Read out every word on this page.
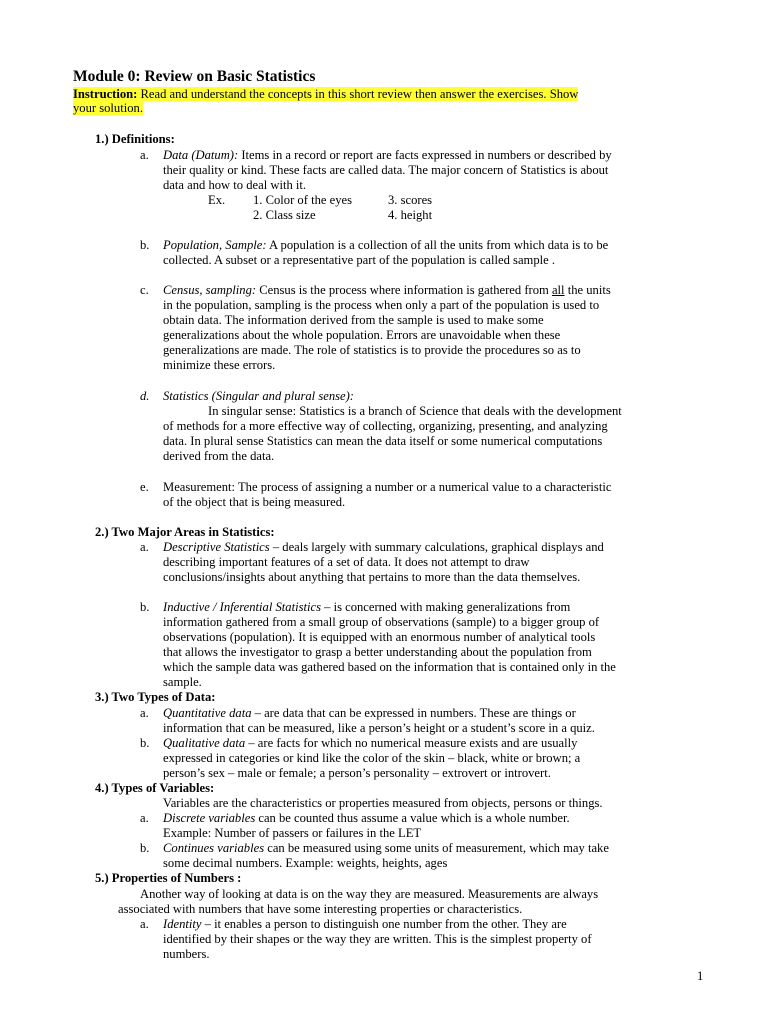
Module 0: Review on Basic Statistics
Instruction: Read and understand the concepts in this short review then answer the exercises. Show
your solution.
1.) Definitions:
a. Data (Datum): Items in a record or report are facts expressed in numbers or described by
their quality or kind. These facts are called data. The major concern of Statistics is about
data and how to deal with it.
Ex. 1. Color of the eyes	3. scores
2. Class size	4. height
b. Population, Sample: A population is a collection of all the units from which data is to be
collected. A subset or a representative part of the population is called sample .
c. Census, sampling: Census is the process where information is gathered from all the units
in the population, sampling is the process when only a part of the population is used to
obtain data. The information derived from the sample is used to make some
generalizations about the whole population. Errors are unavoidable when these
generalizations are made. The role of statistics is to provide the procedures so as to
minimize these errors.
d. Statistics (Singular and plural sense):
In singular sense: Statistics is a branch of Science that deals with the development
of methods for a more effective way of collecting, organizing, presenting, and analyzing
data. In plural sense Statistics can mean the data itself or some numerical computations
derived from the data.
e. Measurement: The process of assigning a number or a numerical value to a characteristic
of the object that is being measured.
2.) Two Major Areas in Statistics:
a. Descriptive Statistics – deals largely with summary calculations, graphical displays and
describing important features of a set of data. It does not attempt to draw
conclusions/insights about anything that pertains to more than the data themselves.
b. Inductive / Inferential Statistics – is concerned with making generalizations from
information gathered from a small group of observations (sample) to a bigger group of
observations (population). It is equipped with an enormous number of analytical tools
that allows the investigator to grasp a better understanding about the population from
which the sample data was gathered based on the information that is contained only in the
sample.
3.) Two Types of Data:
a. Quantitative data – are data that can be expressed in numbers. These are things or
information that can be measured, like a person’s height or a student’s score in a quiz.
b. Qualitative data – are facts for which no numerical measure exists and are usually
expressed in categories or kind like the color of the skin – black, white or brown; a
person’s sex – male or female; a person’s personality – extrovert or introvert.
4.) Types of Variables:
Variables are the characteristics or properties measured from objects, persons or things.
a. Discrete variables can be counted thus assume a value which is a whole number.
Example: Number of passers or failures in the LET
b. Continues variables can be measured using some units of measurement, which may take
some decimal numbers. Example: weights, heights, ages
5.) Properties of Numbers :
Another way of looking at data is on the way they are measured. Measurements are always
associated with numbers that have some interesting properties or characteristics.
a. Identity – it enables a person to distinguish one number from the other. They are
identified by their shapes or the way they are written. This is the simplest property of
numbers.
1
